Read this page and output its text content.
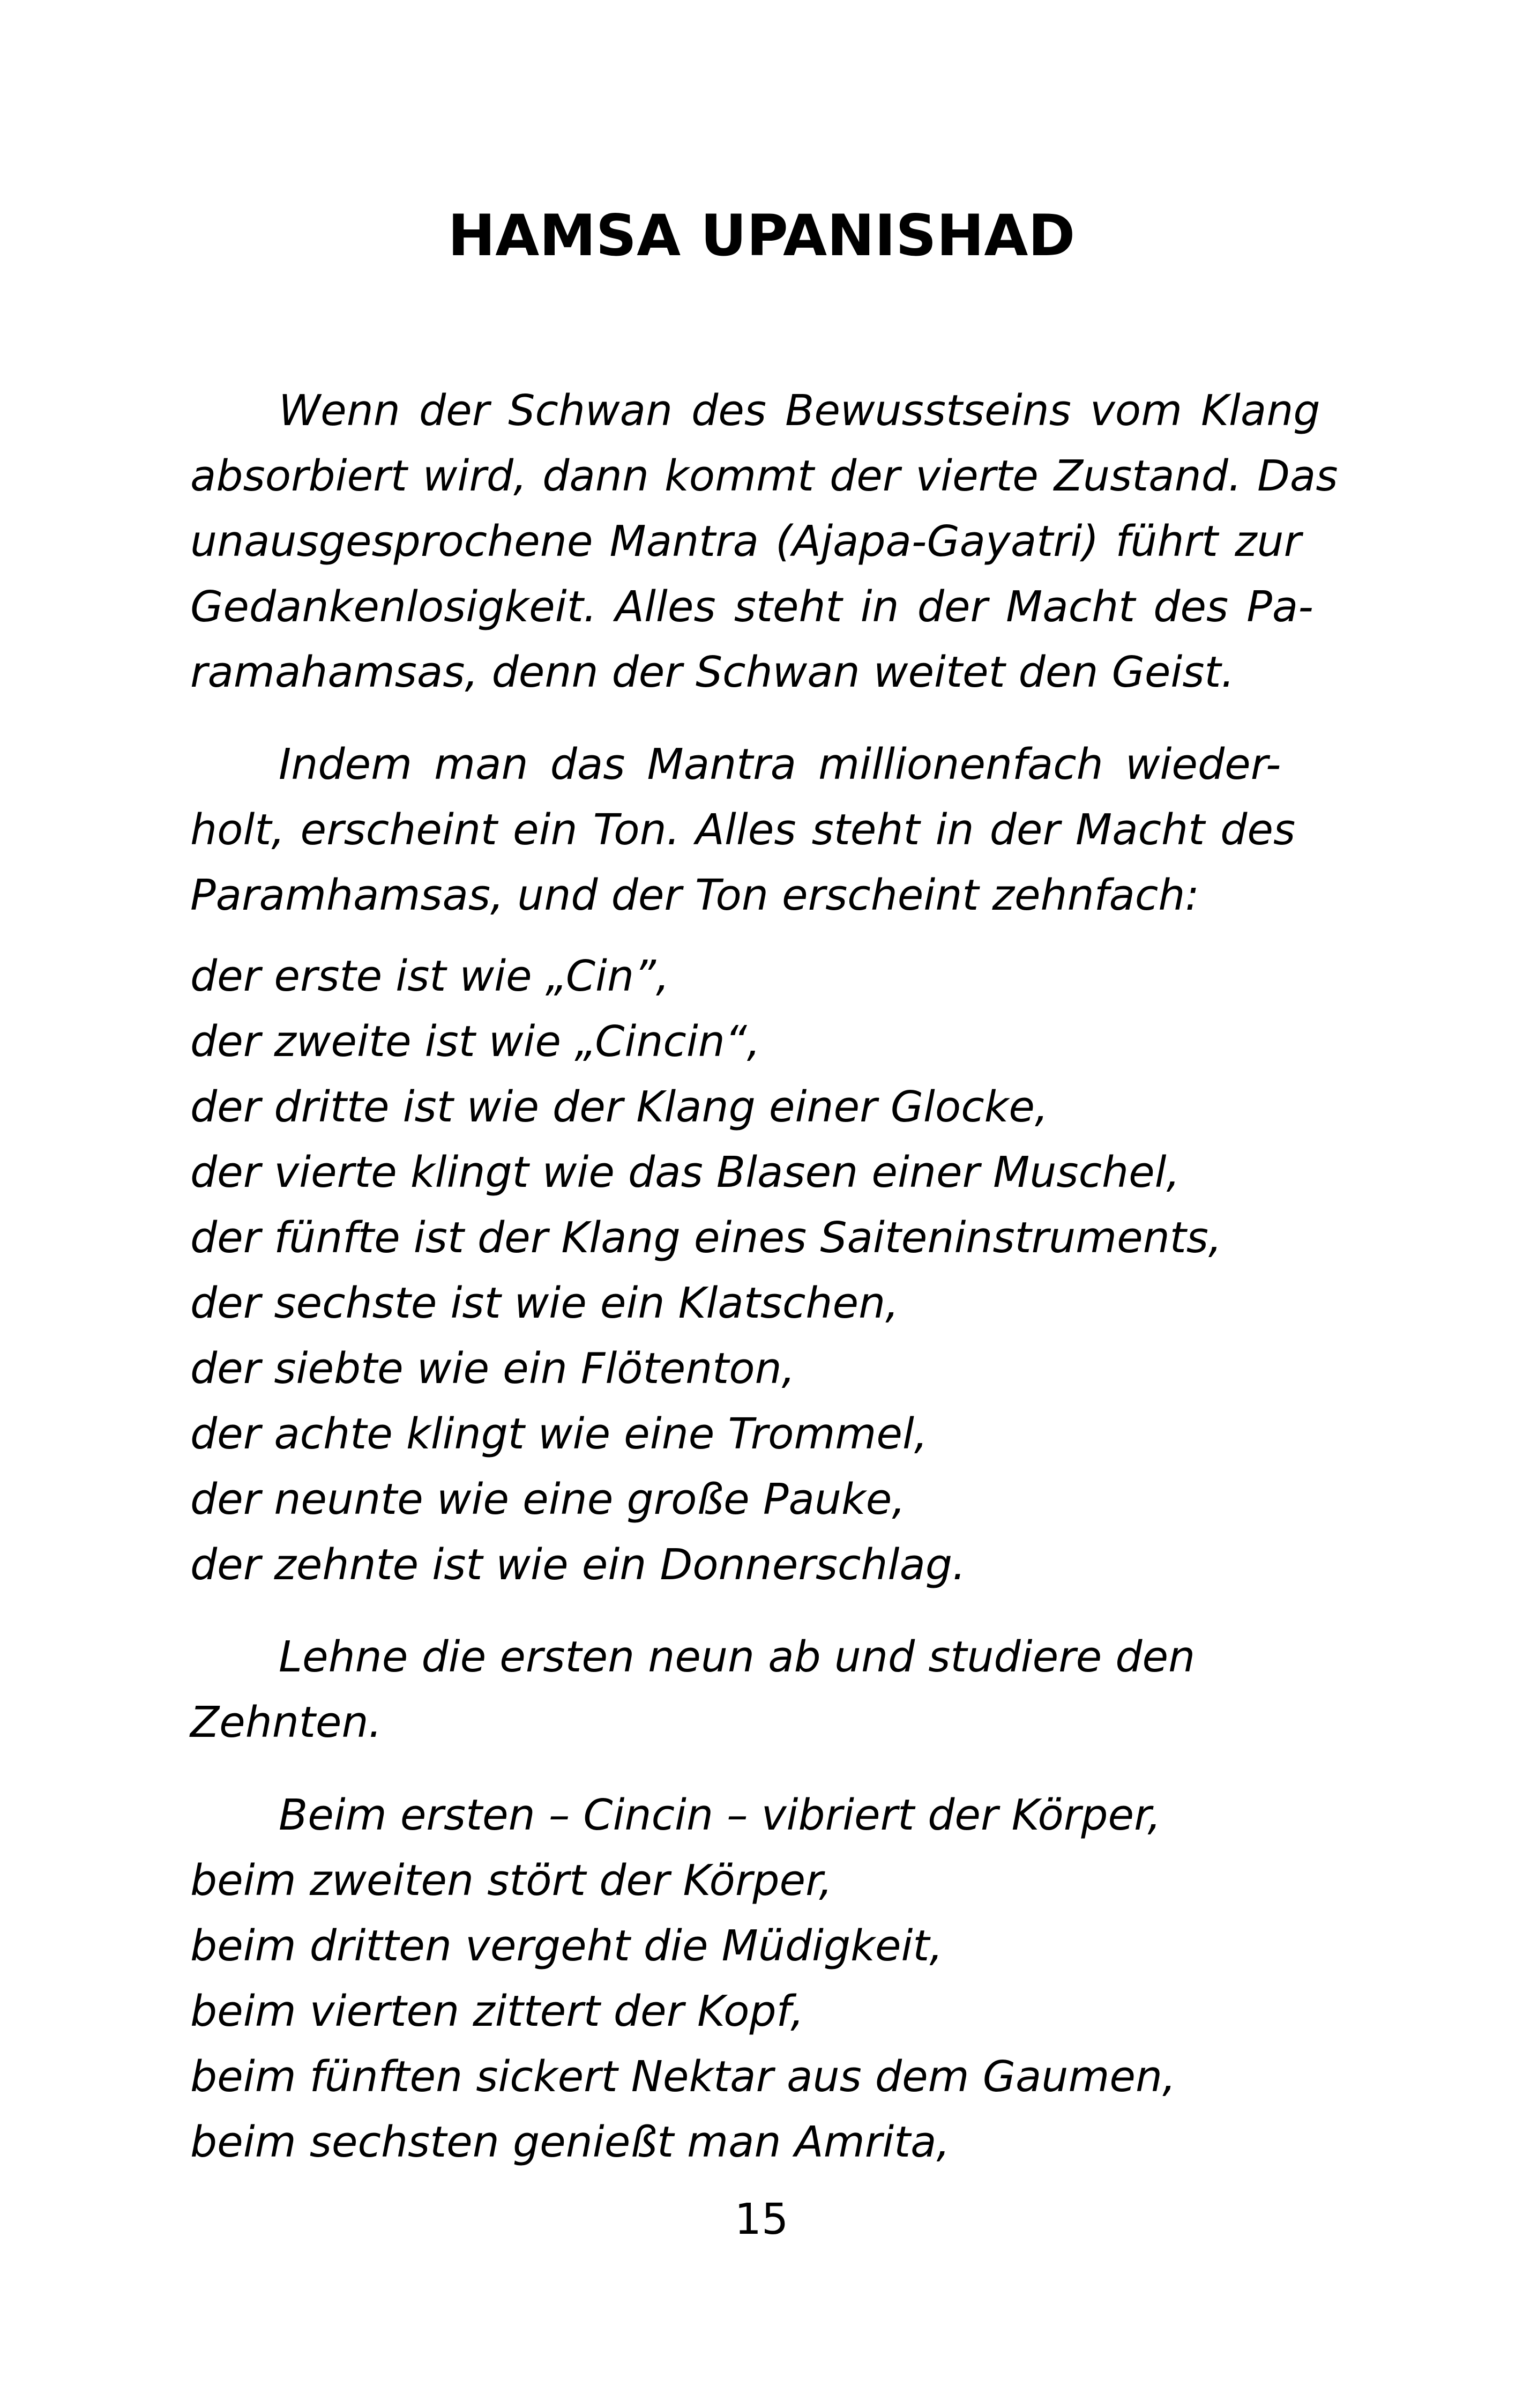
HAMSA UPANISHAD
Wenn der Schwan des Bewusstseins vom Klang
absorbiert wird, dann kommt der vierte Zustand. Das
unausgesprochene Mantra (Ajapa-Gayatri) führt zur
Gedankenlosigkeit. Alles steht in der Macht des Pa-
ramahamsas, denn der Schwan weitet den Geist.
Indem man das Mantra millionenfach wieder-
holt, erscheint ein Ton. Alles steht in der Macht des
Paramhamsas, und der Ton erscheint zehnfach:
der erste ist wie „Cin”,
der zweite ist wie „Cincin“,
der dritte ist wie der Klang einer Glocke,
der vierte klingt wie das Blasen einer Muschel,
der fünfte ist der Klang eines Saiteninstruments,
der sechste ist wie ein Klatschen,
der siebte wie ein Flötenton,
der achte klingt wie eine Trommel,
der neunte wie eine große Pauke,
der zehnte ist wie ein Donnerschlag.
Lehne die ersten neun ab und studiere den
Zehnten.
Beim ersten – Cincin – vibriert der Körper,
beim zweiten stört der Körper,
beim dritten vergeht die Müdigkeit,
beim vierten zittert der Kopf,
beim fünften sickert Nektar aus dem Gaumen,
beim sechsten genießt man Amrita,
15
